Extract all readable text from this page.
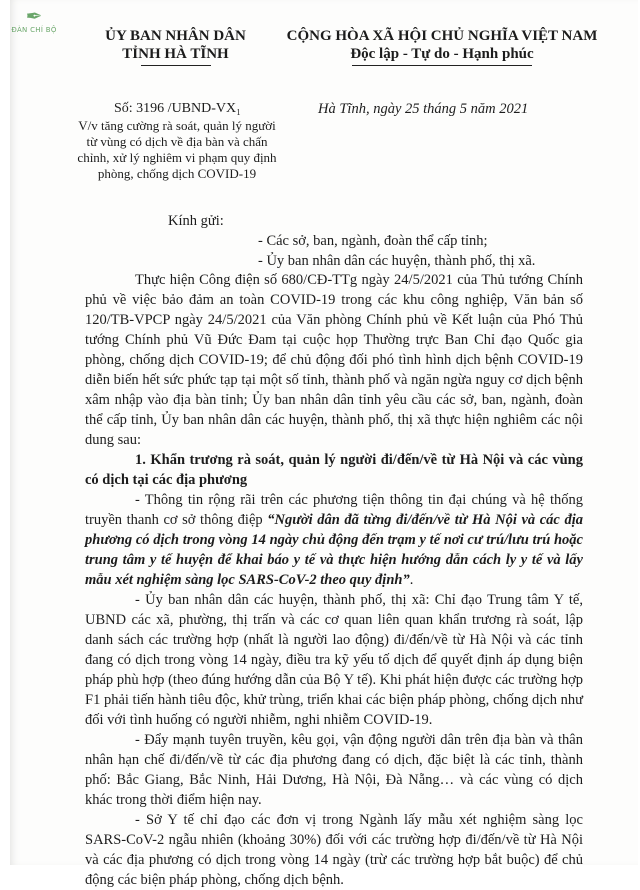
✒
ĐÀN CHÍ BỘ	ỦY BAN NHÂN DÂN
TỈNH HÀ TĨNH
CỘNG HÒA XÃ HỘI CHỦ NGHĨA VIỆT NAM
Độc lập - Tự do - Hạnh phúc
Số: 3196 /UBND-VX₁
V/v tăng cường rà soát, quản lý người từ vùng có dịch về địa bàn và chấn chỉnh, xử lý nghiêm vi phạm quy định phòng, chống dịch COVID-19
Hà Tĩnh, ngày 25 tháng 5 năm 2021
Kính gửi:
- Các sở, ban, ngành, đoàn thể cấp tỉnh;
- Ủy ban nhân dân các huyện, thành phố, thị xã.

Thực hiện Công điện số 680/CĐ-TTg ngày 24/5/2021 của Thủ tướng Chính phủ về việc bảo đảm an toàn COVID-19 trong các khu công nghiệp, Văn bản số 120/TB-VPCP ngày 24/5/2021 của Văn phòng Chính phủ về Kết luận của Phó Thủ tướng Chính phủ Vũ Đức Đam tại cuộc họp Thường trực Ban Chỉ đạo Quốc gia phòng, chống dịch COVID-19; để chủ động đối phó tình hình dịch bệnh COVID-19 diễn biến hết sức phức tạp tại một số tỉnh, thành phố và ngăn ngừa nguy cơ dịch bệnh xâm nhập vào địa bàn tỉnh; Ủy ban nhân dân tỉnh yêu cầu các sở, ban, ngành, đoàn thể cấp tỉnh, Ủy ban nhân dân các huyện, thành phố, thị xã thực hiện nghiêm các nội dung sau:

1. Khẩn trương rà soát, quản lý người đi/đến/về từ Hà Nội và các vùng có dịch tại các địa phương

- Thông tin rộng rãi trên các phương tiện thông tin đại chúng và hệ thống truyền thanh cơ sở thông điệp “Người dân đã từng đi/đến/về từ Hà Nội và các địa phương có dịch trong vòng 14 ngày chủ động đến trạm y tế nơi cư trú/lưu trú hoặc trung tâm y tế huyện để khai báo y tế và thực hiện hướng dẫn cách ly y tế và lấy mẫu xét nghiệm sàng lọc SARS-CoV-2 theo quy định”.

- Ủy ban nhân dân các huyện, thành phố, thị xã: Chỉ đạo Trung tâm Y tế, UBND các xã, phường, thị trấn và các cơ quan liên quan khẩn trương rà soát, lập danh sách các trường hợp (nhất là người lao động) đi/đến/về từ Hà Nội và các tỉnh đang có dịch trong vòng 14 ngày, điều tra kỹ yếu tố dịch để quyết định áp dụng biện pháp phù hợp (theo đúng hướng dẫn của Bộ Y tế). Khi phát hiện được các trường hợp F1 phải tiến hành tiêu độc, khử trùng, triển khai các biện pháp phòng, chống dịch như đối với tình huống có người nhiễm, nghi nhiễm COVID-19.

- Đẩy mạnh tuyên truyền, kêu gọi, vận động người dân trên địa bàn và thân nhân hạn chế đi/đến/về từ các địa phương đang có dịch, đặc biệt là các tỉnh, thành phố: Bắc Giang, Bắc Ninh, Hải Dương, Hà Nội, Đà Nẵng… và các vùng có dịch khác trong thời điểm hiện nay.

- Sở Y tế chỉ đạo các đơn vị trong Ngành lấy mẫu xét nghiệm sàng lọc SARS-CoV-2 ngẫu nhiên (khoảng 30%) đối với các trường hợp đi/đến/về từ Hà Nội và các địa phương có dịch trong vòng 14 ngày (trừ các trường hợp bắt buộc) để chủ động các biện pháp phòng, chống dịch bệnh.
